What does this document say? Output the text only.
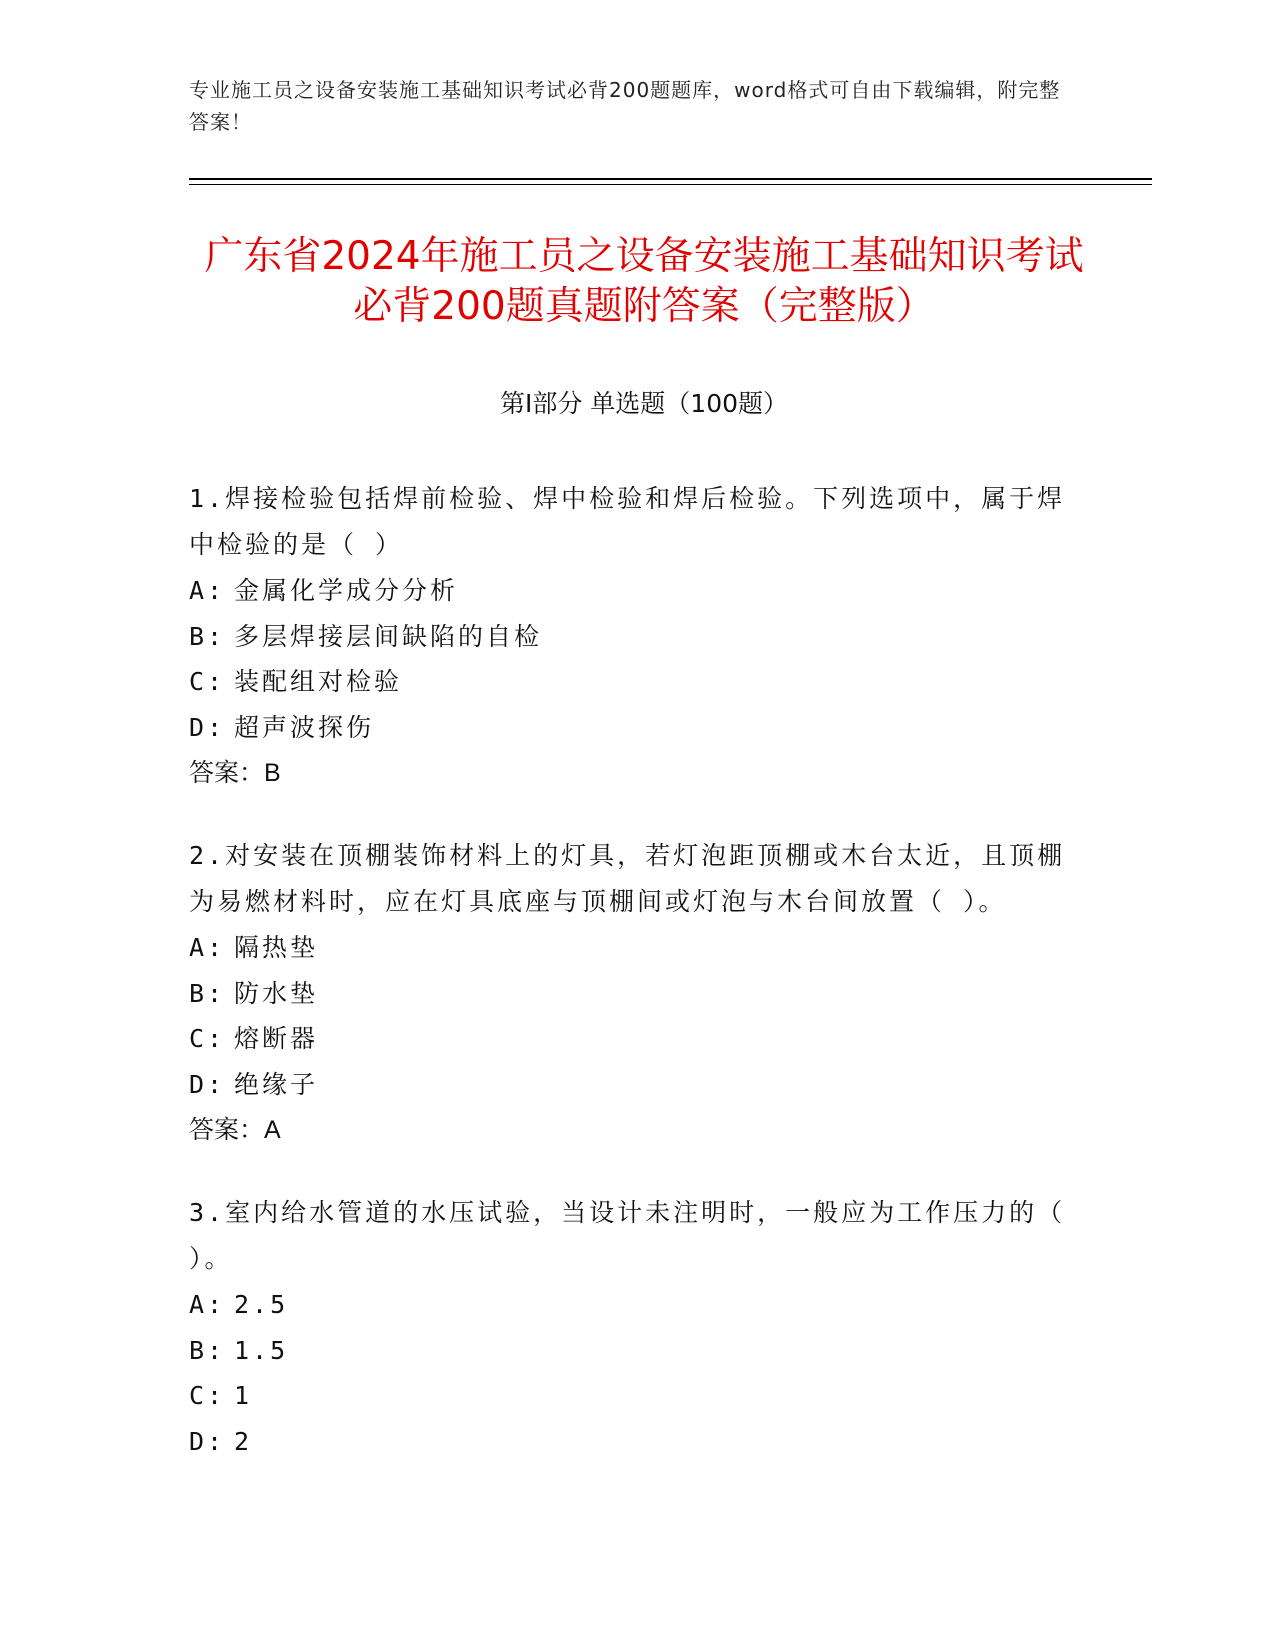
专业施工员之设备安装施工基础知识考试必背200题题库，word格式可自由下载编辑，附完整答案！
广东省2024年施工员之设备安装施工基础知识考试必背200题真题附答案（完整版）
第Ⅰ部分 单选题（100题）
1.焊接检验包括焊前检验、焊中检验和焊后检验。下列选项中，属于焊中检验的是（ ）
A: 金属化学成分分析
B: 多层焊接层间缺陷的自检
C: 装配组对检验
D: 超声波探伤
答案：B
2.对安装在顶棚装饰材料上的灯具，若灯泡距顶棚或木台太近，且顶棚为易燃材料时，应在灯具底座与顶棚间或灯泡与木台间放置（ ）。
A: 隔热垫
B: 防水垫
C: 熔断器
D: 绝缘子
答案：A
3.室内给水管道的水压试验，当设计未注明时，一般应为工作压力的（ ）。
A: 2.5
B: 1.5
C: 1
D: 2
